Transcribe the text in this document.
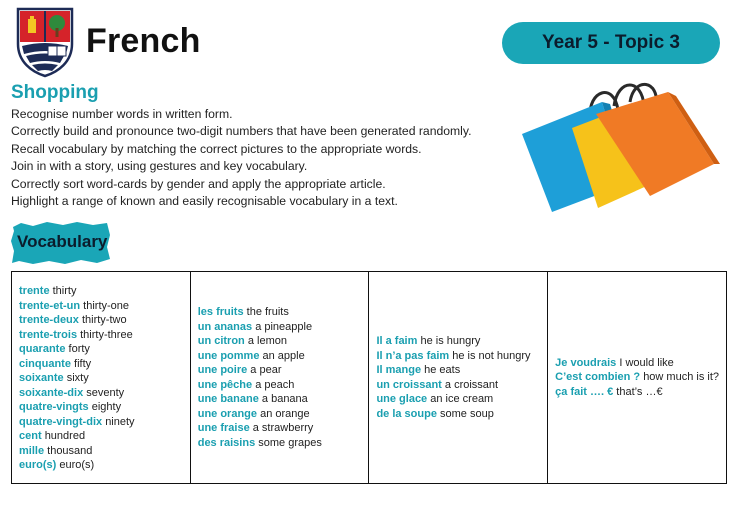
French	Year 5 - Topic 3
Shopping
Recognise number words in written form.
Correctly build and pronounce two-digit numbers that have been generated randomly.
Recall vocabulary by matching the correct pictures to the appropriate words.
Join in with a story, using gestures and key vocabulary.
Correctly sort word-cards by gender and apply the appropriate article.
Highlight a range of known and easily recognisable vocabulary in a text.
Vocabulary
trente thirty
trente-et-un thirty-one
trente-deux thirty-two
trente-trois thirty-three
quarante forty
cinquante fifty
soixante sixty
soixante-dix seventy
quatre-vingts eighty
quatre-vingt-dix ninety
cent hundred
mille thousand
euro(s) euro(s)
les fruits the fruits
un ananas a pineapple
un citron a lemon
une pomme an apple
une poire a pear
une pêche a peach
une banane a banana
une orange an orange
une fraise a strawberry
des raisins some grapes
Il a faim he is hungry
Il n’a pas faim he is not hungry
Il mange he eats
un croissant a croissant
une glace an ice cream
de la soupe some soup
Je voudrais I would like
C’est combien ? how much is it?
ça fait …. € that’s …€
